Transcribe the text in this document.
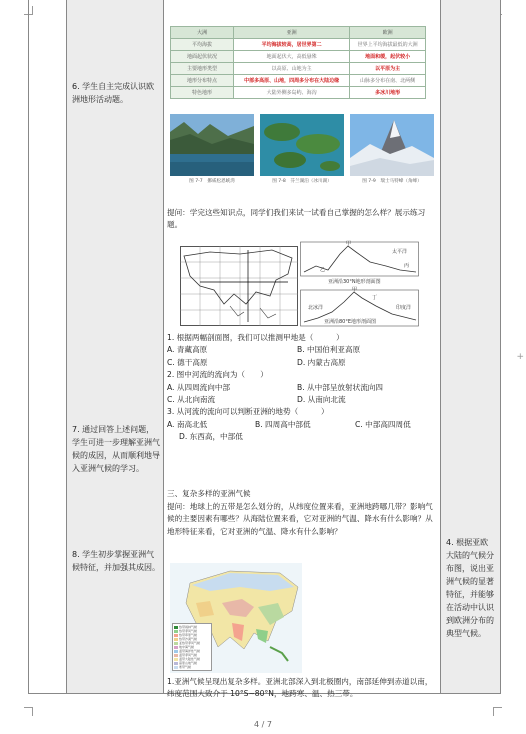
大洲	亚洲	欧洲
平均海拔	平均海拔较高，居世界第二	世界上平均海拔最低的大洲
地面起伏状况	地面起伏大，高低悬殊	地面和缓，起伏较小
主要地形类型	以高原、山地为主	以平原为主
地形分布特点	中部多高原、山地，四周多分布在大陆边缘	山脉多分布在南、北两侧
特色地形	大陆外侧多岛屿、海沟	多冰川地形
图 7-7　挪威松恩峡湾	图 7-8　芬兰湖泊（冰川湖）	图 7-9　瑞士马特峰（角峰）
6. 学生自主完成认识欧洲地形活动题。
7. 通过回答上述问题，学生可进一步理解亚洲气候的成因，从而顺利地导入亚洲气候的学习。
8. 学生初步掌握亚洲气候特征，并加强其成因。
4. 根据亚欧大陆的气候分布图，说出亚洲气候的显著特征，并能够在活动中认识到欧洲分布的典型气候。
提问：学完这些知识点，同学们我们来试一试看自己掌握的怎么样？展示练习题。
太平洋
甲
乙
丙
亚洲沿30°N地形剖面图
甲
北冰洋	印度洋
丁
亚洲沿80°E地形剖面图
1. 根据两幅剖面图，我们可以推测甲地是（　　　）
A. 青藏高原	B. 中国伯利亚高原
C. 德干高原	D. 内蒙古高原
2. 图中河流的流向为（　　）
A. 从四周流向中部	B. 从中部呈放射状流向四
C. 从北向南流	D. 从南向北流
3. 从河流的流向可以判断亚洲的地势（　　　）
A. 南高北低	B. 四周高中部低	C. 中部高四周低
D. 东西高，中部低
三、复杂多样的亚洲气候
提问：地球上的五带是怎么划分的，从纬度位置来看，亚洲地跨哪几带？影响气候的主要因素有哪些？从海陆位置来看，它对亚洲的气温、降水有什么影响？从地形特征来看，它对亚洲的气温、降水有什么影响？
热带雨林气候
热带季风气候
热带草原气候
热带沙漠气候
亚热带季风气候
地中海气候
温带海洋性气候
温带季风气候
温带大陆性气候
高原山地气候
寒带气候
1.亚洲气候呈现出复杂多样。亚洲北部深入到北极圈内，南部延伸到赤道以南，纬度范围大致介于 10°S~80°N，地跨寒、温、热三带。
+
4 / 7
